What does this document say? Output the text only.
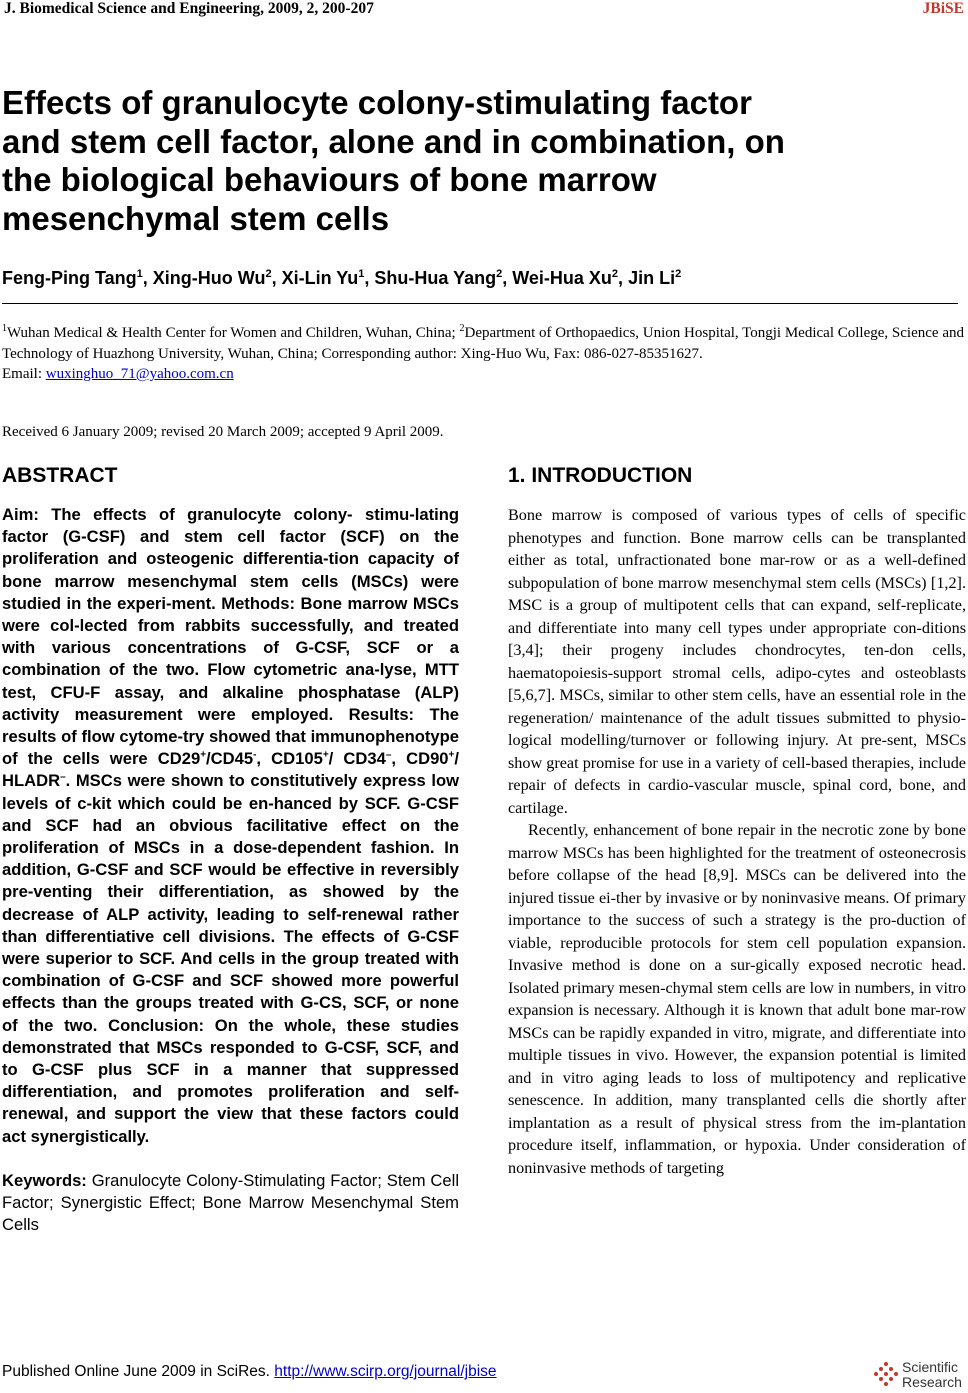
J. Biomedical Science and Engineering, 2009, 2, 200-207	JBiSE
Effects of granulocyte colony-stimulating factor
and stem cell factor, alone and in combination, on
the biological behaviours of bone marrow
mesenchymal stem cells
Feng-Ping Tang$^1$, Xing-Huo Wu$^2$, Xi-Lin Yu$^1$, Shu-Hua Yang$^2$, Wei-Hua Xu$^2$, Jin Li$^2$
$^1$Wuhan Medical & Health Center for Women and Children, Wuhan, China; $^2$Department of Orthopaedics, Union Hospital, Tongji Medical College, Science and Technology of Huazhong University, Wuhan, China; Corresponding author: Xing-Huo Wu, Fax: 086-027-85351627.
Email: wuxinghuo_71@yahoo.com.cn
Received 6 January 2009; revised 20 March 2009; accepted 9 April 2009.
ABSTRACT

Aim: The effects of granulocyte colony- stimu-lating factor (G-CSF) and stem cell factor (SCF) on the proliferation and osteogenic differentia-tion capacity of bone marrow mesenchymal stem cells (MSCs) were studied in the experi-ment. Methods: Bone marrow MSCs were col-lected from rabbits successfully, and treated with various concentrations of G-CSF, SCF or a combination of the two. Flow cytometric ana-lyse, MTT test, CFU-F assay, and alkaline phosphatase (ALP) activity measurement were employed. Results: The results of flow cytome-try showed that immunophenotype of the cells were CD29+/CD45-, CD105+/ CD34–, CD90+/ HLADR–. MSCs were shown to constitutively express low levels of c-kit which could be en-hanced by SCF. G-CSF and SCF had an obvious facilitative effect on the proliferation of MSCs in a dose-dependent fashion. In addition, G-CSF and SCF would be effective in reversibly pre-venting their differentiation, as showed by the decrease of ALP activity, leading to self-renewal rather than differentiative cell divisions. The effects of G-CSF were superior to SCF. And cells in the group treated with combination of G-CSF and SCF showed more powerful effects than the groups treated with G-CS, SCF, or none of the two. Conclusion: On the whole, these studies demonstrated that MSCs responded to G-CSF, SCF, and to G-CSF plus SCF in a manner that suppressed differentiation, and promotes proliferation and self-renewal, and support the view that these factors could act synergistically.

Keywords: Granulocyte Colony-Stimulating Factor; Stem Cell Factor; Synergistic Effect; Bone Marrow Mesenchymal Stem Cells
1. INTRODUCTION

Bone marrow is composed of various types of cells of specific phenotypes and function. Bone marrow cells can be transplanted either as total, unfractionated bone mar-row or as a well-defined subpopulation of bone marrow mesenchymal stem cells (MSCs) [1,2]. MSC is a group of multipotent cells that can expand, self-replicate, and differentiate into many cell types under appropriate con-ditions [3,4]; their progeny includes chondrocytes, ten-don cells, haematopoiesis-support stromal cells, adipo-cytes and osteoblasts [5,6,7]. MSCs, similar to other stem cells, have an essential role in the regeneration/ maintenance of the adult tissues submitted to physio-logical modelling/turnover or following injury. At pre-sent, MSCs show great promise for use in a variety of cell-based therapies, include repair of defects in cardio-vascular muscle, spinal cord, bone, and cartilage.

Recently, enhancement of bone repair in the necrotic zone by bone marrow MSCs has been highlighted for the treatment of osteonecrosis before collapse of the head [8,9]. MSCs can be delivered into the injured tissue ei-ther by invasive or by noninvasive means. Of primary importance to the success of such a strategy is the pro-duction of viable, reproducible protocols for stem cell population expansion. Invasive method is done on a sur-gically exposed necrotic head. Isolated primary mesen-chymal stem cells are low in numbers, in vitro expansion is necessary. Although it is known that adult bone mar-row MSCs can be rapidly expanded in vitro, migrate, and differentiate into multiple tissues in vivo. However, the expansion potential is limited and in vitro aging leads to loss of multipotency and replicative senescence. In addition, many transplanted cells die shortly after implantation as a result of physical stress from the im-plantation procedure itself, inflammation, or hypoxia. Under consideration of noninvasive methods of targeting

Published Online June 2009 in SciRes. http://www.scirp.org/journal/jbise	Scientific
Research
